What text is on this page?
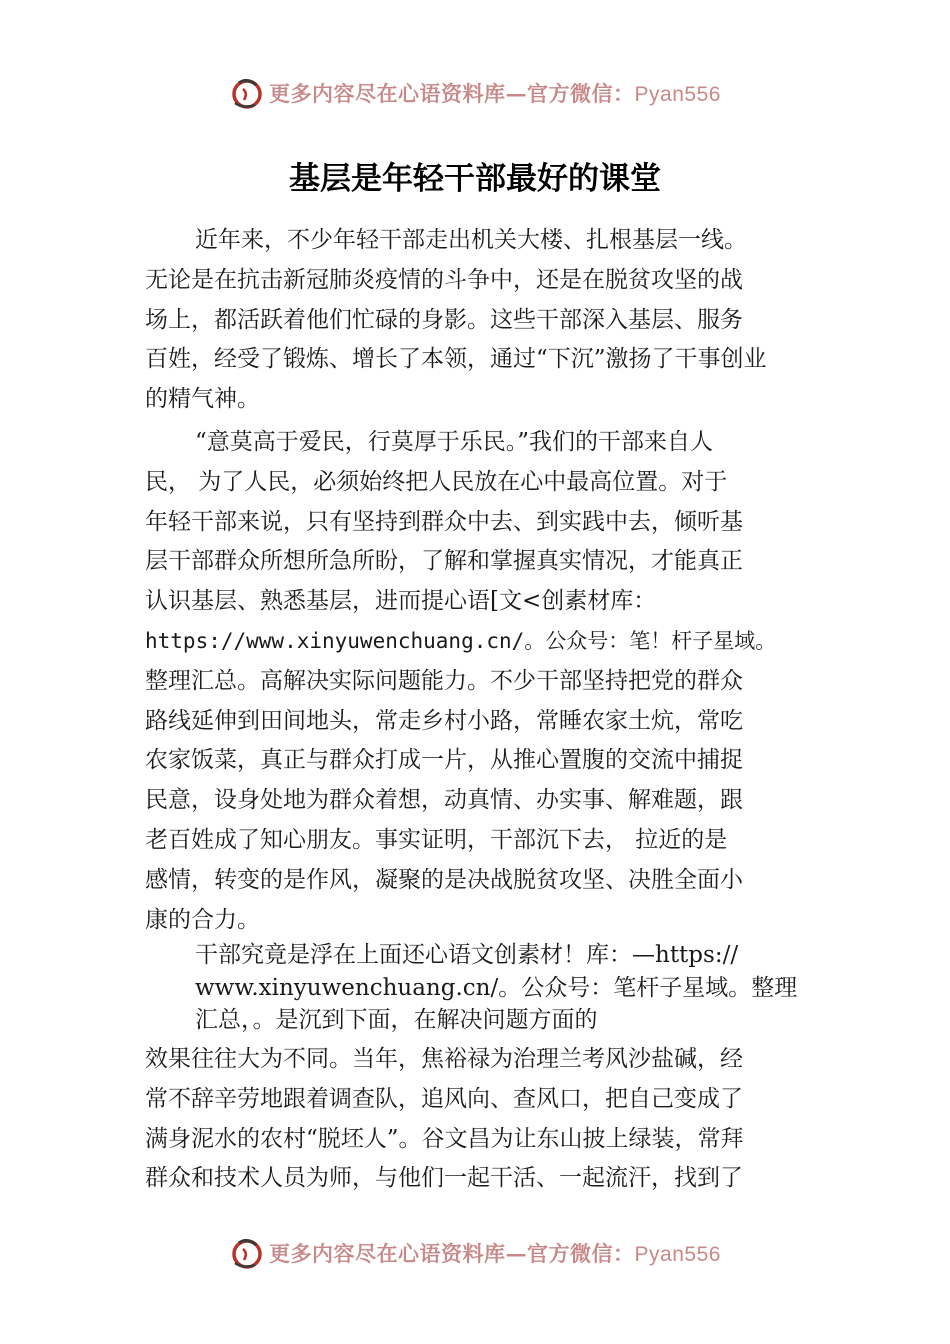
更多内容尽在心语资料库—官方微信：Pyan556
基层是年轻干部最好的课堂
近年来，不少年轻干部走出机关大楼、扎根基层一线。
无论是在抗击新冠肺炎疫情的斗争中，还是在脱贫攻坚的战
场上，都活跃着他们忙碌的身影。这些干部深入基层、服务
百姓，经受了锻炼、增长了本领，通过“下沉”激扬了干事创业
的精气神。
“意莫高于爱民，行莫厚于乐民。”我们的干部来自人
民， 为了人民，必须始终把人民放在心中最高位置。对于
年轻干部来说，只有坚持到群众中去、到实践中去，倾听基
层干部群众所想所急所盼，了解和掌握真实情况，才能真正
认识基层、熟悉基层，进而提心语[文<创素材库：
https://www.xinyuwenchuang.cn/。公众号：笔！杆子星域。
整理汇总。高解决实际问题能力。不少干部坚持把党的群众
路线延伸到田间地头，常走乡村小路，常睡农家土炕，常吃
农家饭菜，真正与群众打成一片，从推心置腹的交流中捕捉
民意，设身处地为群众着想，动真情、办实事、解难题，跟
老百姓成了知心朋友。事实证明，干部沉下去， 拉近的是
感情，转变的是作风，凝聚的是决战脱贫攻坚、决胜全面小
康的合力。
干部究竟是浮在上面还心语文创素材！库：—https://
www.xinyuwenchuang.cn/。公众号：笔杆子星域。整理
汇总，。是沉到下面，在解决问题方面的
效果往往大为不同。当年，焦裕禄为治理兰考风沙盐碱，经
常不辞辛劳地跟着调查队，追风向、查风口，把自己变成了
满身泥水的农村“脱坯人”。谷文昌为让东山披上绿装，常拜
群众和技术人员为师，与他们一起干活、一起流汗，找到了
更多内容尽在心语资料库—官方微信：Pyan556
